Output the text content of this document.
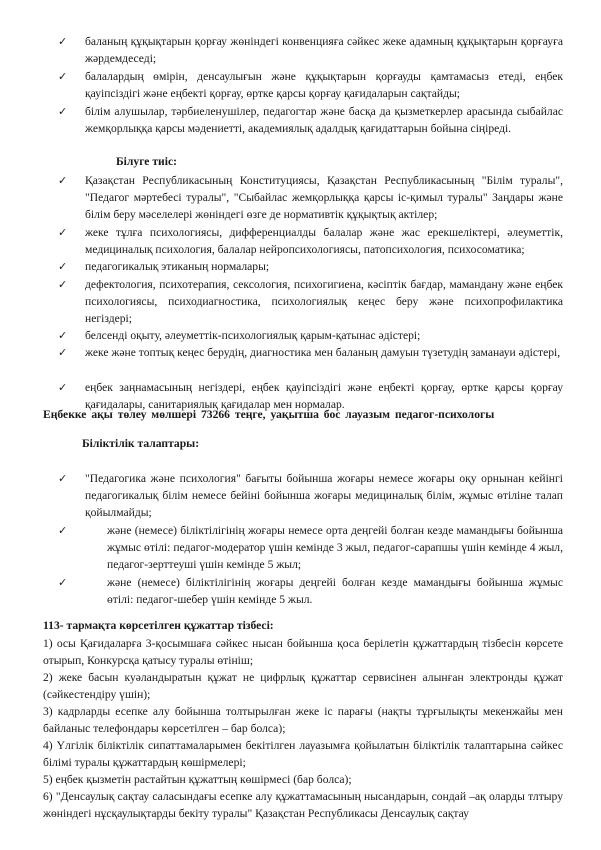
✓ баланың құқықтарын қорғау жөніндегі конвенцияға сәйкес жеке адамның құқықтарын қорғауға жәрдемдеседі;
✓ балалардың өмірін, денсаулығын және құқықтарын қорғауды қамтамасыз етеді, еңбек қауіпсіздігі және еңбекті қорғау, өртке қарсы қорғау қағидаларын сақтайды;
✓ білім алушылар, тәрбиеленушілер, педагогтар және басқа да қызметкерлер арасында сыбайлас жемқорлыққа қарсы мәдениетті, академиялық адалдық қағидаттарын бойына сіңіреді.
Білуге тиіс:
✓ Қазақстан Республикасының Конституциясы, Қазақстан Республикасының "Білім туралы", "Педагог мәртебесі туралы", "Сыбайлас жемқорлыққа қарсы іс-қимыл туралы" Заңдары және білім беру мәселелері жөніндегі өзге де нормативтік құқықтық актілер;
✓ жеке тұлға психологиясы, дифференциалды балалар және жас ерекшеліктері, әлеуметтік, медициналық психология, балалар нейропсихологиясы, патопсихология, психосоматика;
✓ педагогикалық этиканың нормалары;
✓ дефектология, психотерапия, сексология, психогигиена, кәсіптік бағдар, мамандану және еңбек психологиясы, психодиагностика, психологиялық кеңес беру және психопрофилактика негіздері;
✓ белсенді оқыту, әлеуметтік-психологиялық қарым-қатынас әдістері;
✓ жеке және топтық кеңес берудің, диагностика мен баланың дамуын түзетудің заманауи әдістері,
✓ еңбек заңнамасының негіздері, еңбек қауіпсіздігі және еңбекті қорғау, өртке қарсы қорғау қағидалары, санитариялық қағидалар мен нормалар.
Еңбекке ақы төлеу мөлшері 73266 теңге, уақытша бос лауазым педагог-психологы
Біліктілік талаптары:
✓ "Педагогика және психология" бағыты бойынша жоғары немесе жоғары оқу орнынан кейінгі педагогикалық білім немесе бейіні бойынша жоғары медициналық білім, жұмыс өтіліне талап қойылмайды;
✓	және (немесе) біліктілігінің жоғары немесе орта деңгейі болған кезде мамандығы бойынша жұмыс өтілі: педагог-модератор үшін кемінде 3 жыл, педагог-сарапшы үшін кемінде 4 жыл, педагог-зерттеуші үшін кемінде 5 жыл;
✓	және (немесе) біліктілігінің жоғары деңгейі болған кезде мамандығы бойынша жұмыс өтілі: педагог-шебер үшін кемінде 5 жыл.
113- тармақта көрсетілген құжаттар тізбесі:
1) осы Қағидаларға 3-қосымшаға сәйкес нысан бойынша қоса берілетін құжаттардың тізбесін көрсете отырып, Конкурсқа қатысу туралы өтініш;
2) жеке басын куәландыратын құжат не цифрлық құжаттар сервисінен алынған электронды құжат (сәйкестендіру үшін);
3) кадрларды есепке алу бойынша толтырылған жеке іс парағы (нақты тұрғылықты мекенжайы мен байланыс телефондары көрсетілген – бар болса);
4) Үлгілік біліктілік сипаттамаларымен бекітілген лауазымға қойылатын біліктілік талаптарына сәйкес білімі туралы құжаттардың көшірмелері;
5) еңбек қызметін растайтын құжаттың көшірмесі (бар болса);
6) "Денсаулық сақтау саласындағы есепке алу құжаттамасының нысандарын, сондай –ақ оларды тлтыру жөніндегі нұсқаулықтарды бекіту туралы" Қазақстан Республикасы Денсаулық сақтау
